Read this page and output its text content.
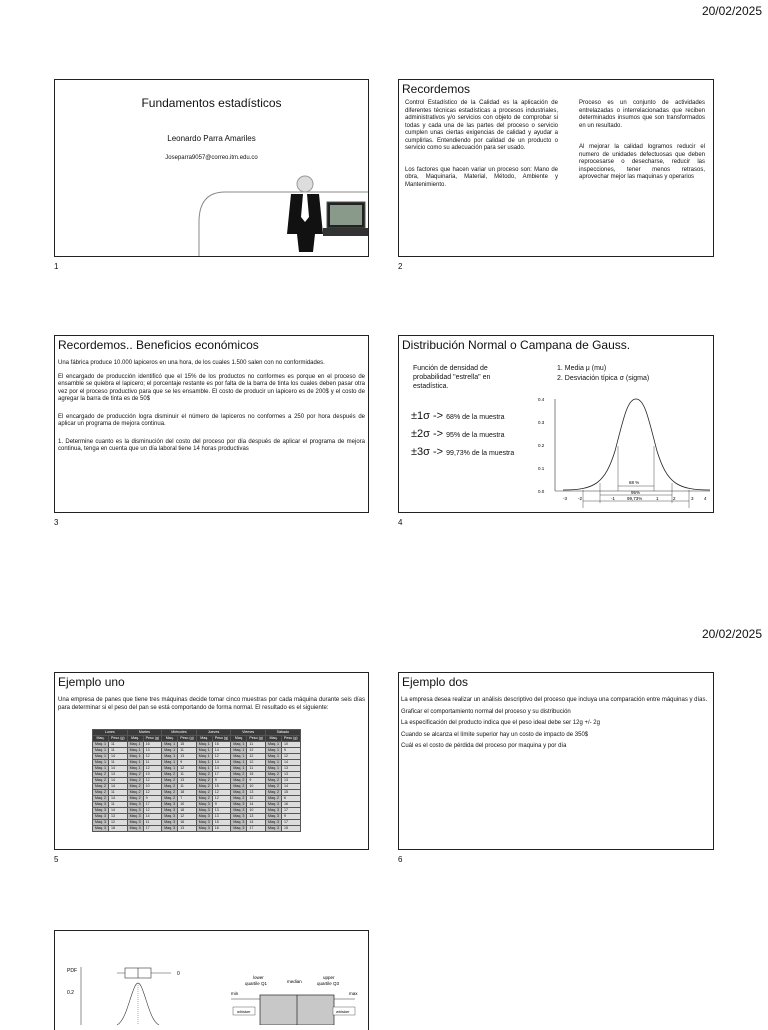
20/02/2025
20/02/2025
Fundamentos estadísticos
Leonardo Parra Amariles
Joseparra9057@correo.itm.edu.co
1
Recordemos

Control Estadístico de la Calidad es la aplicación de diferentes técnicas estadísticas a procesos industriales, administrativos y/o servicios con objeto de comprobar si todas y cada una de las partes del proceso o servicio cumplen unas ciertas exigencias de calidad y ayudar a cumplirlas. Entendiendo por calidad de un producto o servicio como su adecuación para ser usado.

Los factores que hacen variar un proceso son: Mano de obra, Maquinaria, Material, Método, Ambiente y Mantenimiento.

Proceso es un conjunto de actividades entrelazadas o interrelacionadas que reciben determinados insumos que son transformados en un resultado.

Al mejorar la calidad logramos reducir el numero de unidades defectuosas que deben reprocesarse o desecharse, reducir las inspecciones, tener menos retrasos, aprovechar mejor las maquinas y operarios

2
Recordemos.. Beneficios económicos

Una fábrica produce 10.000 lapiceros en una hora, de los cuales 1.500 salen con no conformidades.

El encargado de producción identificó que el 15% de los productos no conformes es porque en el proceso de ensamble se quiebra el lapicero; el porcentaje restante es por falta de la barra de tinta los cuales deben pasar otra vez por el proceso productivo para que se les ensamble. El costo de producir un lapicero es de 200$ y el costo de agregar la barra de tinta es de 50$

El encargado de producción logra disminuir el número de lapiceros no conformes a 250 por hora después de aplicar un programa de mejora continua.

1. Determine cuanto es la disminución del costo del proceso por día después de aplicar el programa de mejora continua, tenga en cuenta que un día laboral tiene 14 horas productivas

3
Distribución Normal o Campana de Gauss.
Función de densidad de probabilidad "estrella" en estadística.
1. Media μ (mu)
2. Desviación típica σ (sigma)
±1σ -> 68% de la muestra
±2σ -> 95% de la muestra
±3σ -> 99,73% de la muestra
0.4
0.3
0.2
0.1
0.0
68 %
95%
99,73%
-3 -2	-1	1	2	3 4
4
Ejemplo uno
Una empresa de panes que tiene tres máquinas decide tomar cinco muestras por cada máquina durante seis días para determinar si el peso del pan se está comportando de forma normal. El resultado es el siguiente:
Lunes		Martes		Miércoles		Jueves		Viernes		Sábado	
Maq.	Peso (g)	Maq.	Peso (g)	Maq.	Peso (g)	Maq.	Peso (g)	Maq.	Peso (g)	Maq.	Peso (g)
Maq. 1	11	Maq. 1	16	Maq. 1	15	Maq. 1	16	Maq. 1	11	Maq. 1	10
Maq. 1	11	Maq. 1	13	Maq. 1	11	Maq. 1	14	Maq. 1	12	Maq. 1	9
Maq. 1	14	Maq. 1	12	Maq. 1	13	Maq. 1	12	Maq. 1	12	Maq. 1	12
Maq. 1	11	Maq. 1	11	Maq. 1	9	Maq. 1	14	Maq. 1	12	Maq. 1	14
Maq. 1	14	Maq. 1	12	Maq. 1	12	Maq. 1	14	Maq. 1	11	Maq. 1	13
Maq. 2	13	Maq. 2	19	Maq. 2	11	Maq. 2	17	Maq. 2	15	Maq. 2	13
Maq. 2	14	Maq. 2	12	Maq. 2	13	Maq. 2	9	Maq. 2	9	Maq. 2	13
Maq. 2	14	Maq. 2	10	Maq. 2	11	Maq. 2	15	Maq. 2	10	Maq. 2	14
Maq. 2	11	Maq. 2	12	Maq. 2	18	Maq. 2	12	Maq. 2	13	Maq. 2	15
Maq. 2	14	Maq. 2	9	Maq. 2	7	Maq. 2	12	Maq. 2	12	Maq. 2	6
Maq. 3	11	Maq. 3	17	Maq. 3	10	Maq. 3	9	Maq. 3	14	Maq. 3	16
Maq. 3	14	Maq. 3	12	Maq. 3	18	Maq. 3	13	Maq. 3	10	Maq. 3	17
Maq. 3	13	Maq. 3	14	Maq. 3	12	Maq. 3	13	Maq. 3	13	Maq. 3	9
Maq. 3	12	Maq. 3	11	Maq. 3	16	Maq. 3	15	Maq. 3	14	Maq. 3	17
Maq. 3	18	Maq. 3	17	Maq. 3	13	Maq. 3	16	Maq. 3	17	Maq. 3	15
5
Ejemplo dos

La empresa desea realizar un análisis descriptivo del proceso que incluya una comparación entre máquinas y días.

Graficar el comportamiento normal del proceso y su distribución

La especificación del producto indica que el peso ideal debe ser 12g +/- 2g

Cuando se alcanza el límite superior hay un costo de impacto de 350$

Cuál es el costo de pérdida del proceso por maquina y por día

6
PDF
0.2
0
lower
quartile Q1	median
upper
quartile Q3
min	max
whisker	whisker
